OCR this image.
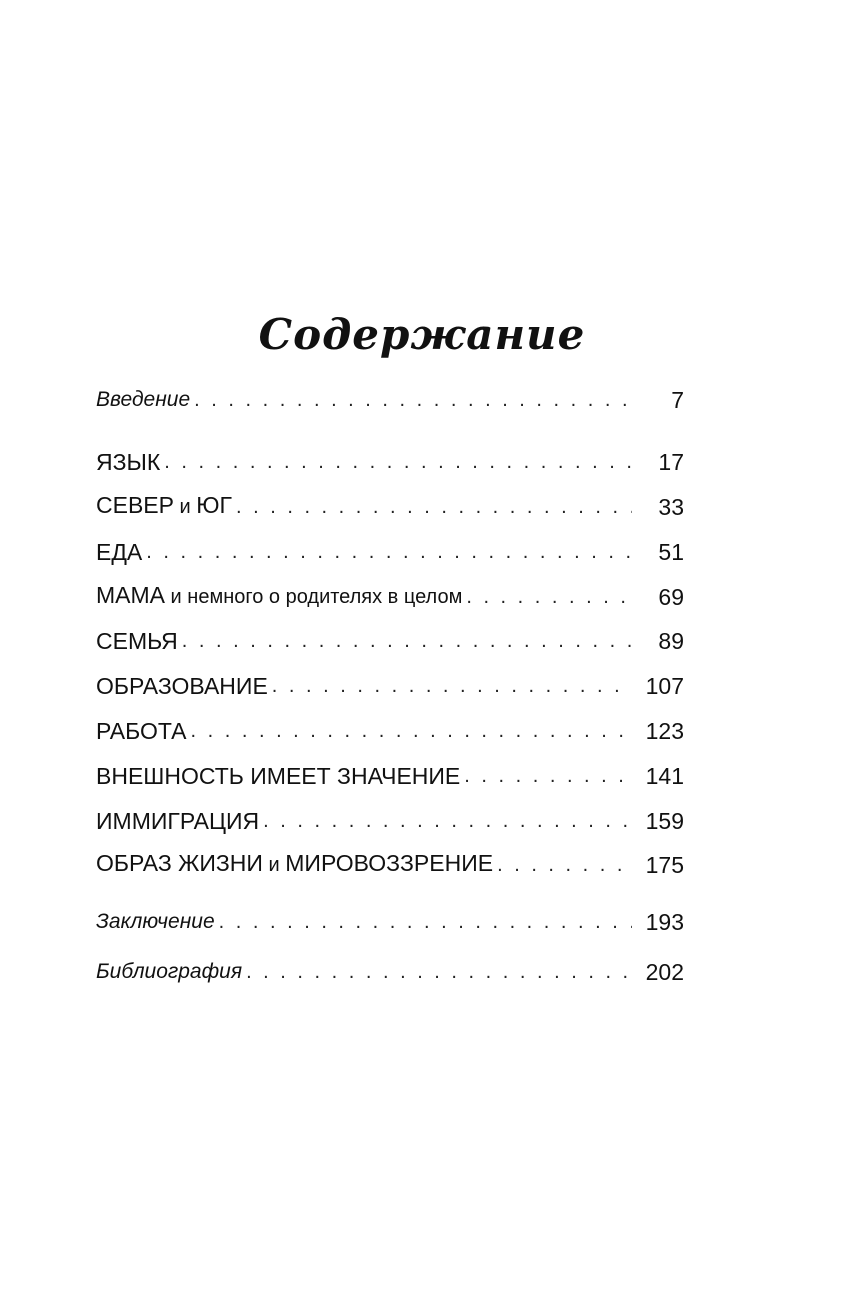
Содержание
Введение . . .	7
ЯЗЫК . . .	17
СЕВЕР и ЮГ . . .	33
ЕДА . . .	51
МАМА и немного о родителях в целом . . .	69
СЕМЬЯ . . .	89
ОБРАЗОВАНИЕ . . .	107
РАБОТА . . .	123
ВНЕШНОСТЬ ИМЕЕТ ЗНАЧЕНИЕ . . .	141
ИММИГРАЦИЯ . . .	159
ОБРАЗ ЖИЗНИ и МИРОВОЗЗРЕНИЕ . . .	175
Заключение . . .	193
Библиография . . .	202
